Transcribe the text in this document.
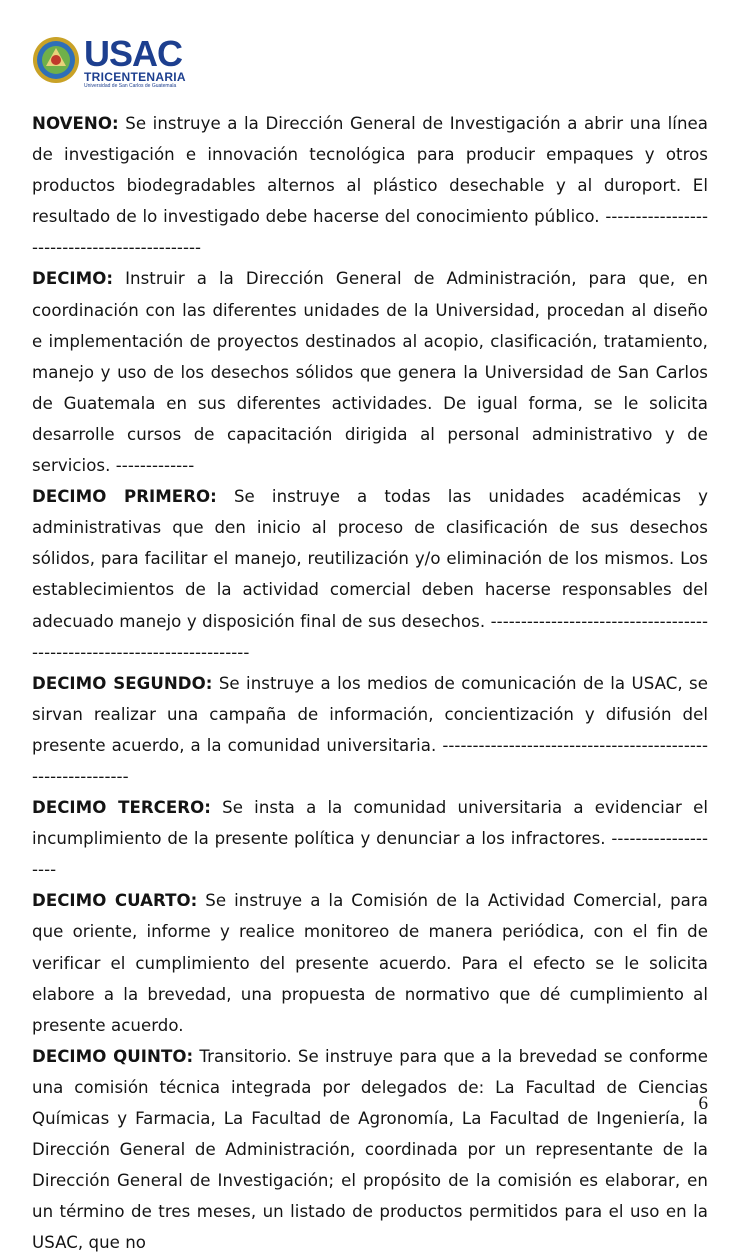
USAC
TRICENTENARIA
Universidad de San Carlos de Guatemala

NOVENO: Se instruye a la Dirección General de Investigación a abrir una línea de investigación e innovación tecnológica para producir empaques y otros productos biodegradables alternos al plástico desechable y al duroport. El resultado de lo investigado debe hacerse del conocimiento público. ---------------------------------------------

DECIMO: Instruir a la Dirección General de Administración, para que, en coordinación con las diferentes unidades de la Universidad, procedan al diseño e implementación de proyectos destinados al acopio, clasificación, tratamiento, manejo y uso de los desechos sólidos que genera la Universidad de San Carlos de Guatemala en sus diferentes actividades. De igual forma, se le solicita desarrolle cursos de capacitación dirigida al personal administrativo y de servicios. -------------

DECIMO PRIMERO: Se instruye a todas las unidades académicas y administrativas que den inicio al proceso de clasificación de sus desechos sólidos, para facilitar el manejo, reutilización y/o eliminación de los mismos. Los establecimientos de la actividad comercial deben hacerse responsables del adecuado manejo y disposición final de sus desechos. ------------------------------------------------------------------------

DECIMO SEGUNDO: Se instruye a los medios de comunicación de la USAC, se sirvan realizar una campaña de información, concientización y difusión del presente acuerdo, a la comunidad universitaria. ------------------------------------------------------------

DECIMO TERCERO: Se insta a la comunidad universitaria a evidenciar el incumplimiento de la presente política y denunciar a los infractores. --------------------

DECIMO CUARTO: Se instruye a la Comisión de la Actividad Comercial, para que oriente, informe y realice monitoreo de manera periódica, con el fin de verificar el cumplimiento del presente acuerdo. Para el efecto se le solicita elabore a la brevedad, una propuesta de normativo que dé cumplimiento al presente acuerdo.

DECIMO QUINTO: Transitorio. Se instruye para que a la brevedad se conforme una comisión técnica integrada por delegados de: La Facultad de Ciencias Químicas y Farmacia, La Facultad de Agronomía, La Facultad de Ingeniería, la Dirección General de Administración, coordinada por un representante de la Dirección General de Investigación; el propósito de la comisión es elaborar, en un término de tres meses, un listado de productos permitidos para el uso en la USAC, que no

6
